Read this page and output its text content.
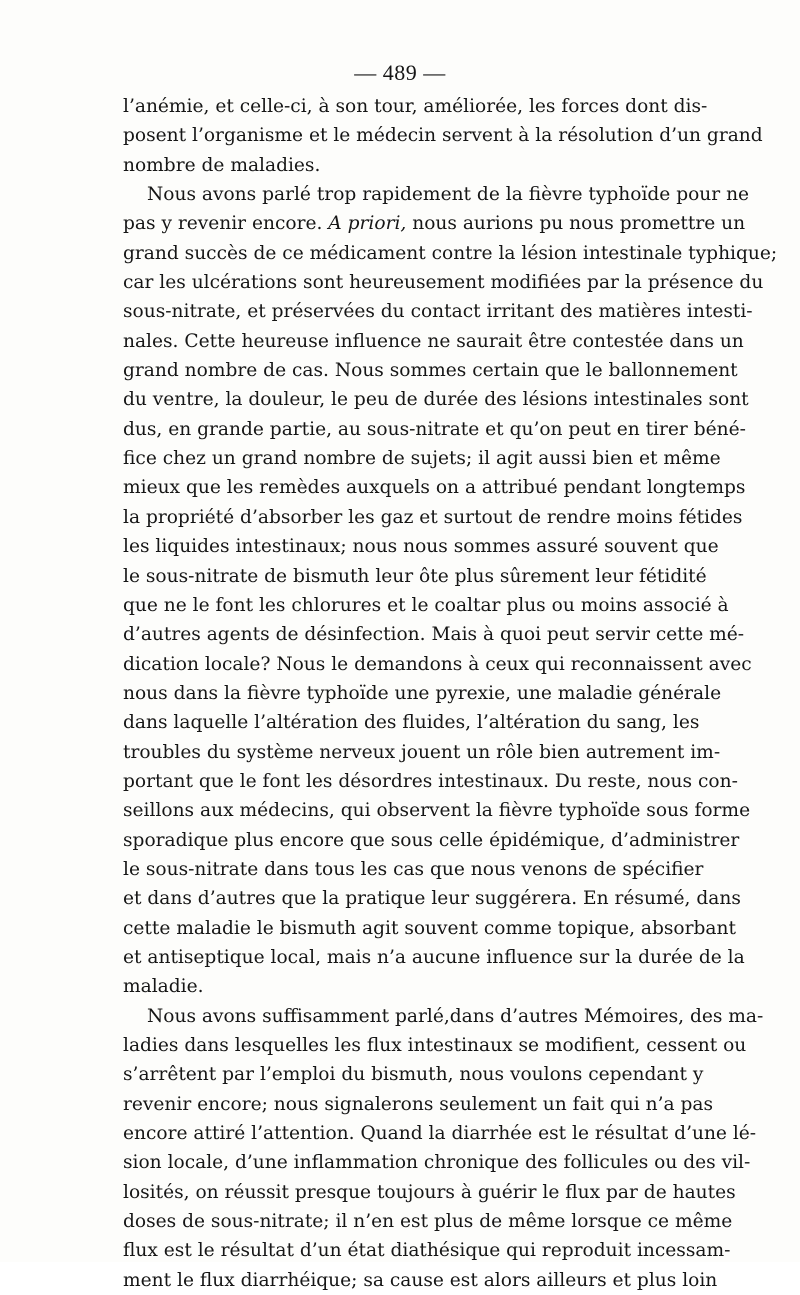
— 489 —
l’anémie, et celle-ci, à son tour, améliorée, les forces dont dis-
posent l’organisme et le médecin servent à la résolution d’un grand
nombre de maladies.
Nous avons parlé trop rapidement de la fièvre typhoïde pour ne
pas y revenir encore. A priori, nous aurions pu nous promettre un
grand succès de ce médicament contre la lésion intestinale typhique;
car les ulcérations sont heureusement modifiées par la présence du
sous-nitrate, et préservées du contact irritant des matières intesti-
nales. Cette heureuse influence ne saurait être contestée dans un
grand nombre de cas. Nous sommes certain que le ballonnement
du ventre, la douleur, le peu de durée des lésions intestinales sont
dus, en grande partie, au sous-nitrate et qu’on peut en tirer béné-
fice chez un grand nombre de sujets; il agit aussi bien et même
mieux que les remèdes auxquels on a attribué pendant longtemps
la propriété d’absorber les gaz et surtout de rendre moins fétides
les liquides intestinaux; nous nous sommes assuré souvent que
le sous-nitrate de bismuth leur ôte plus sûrement leur fétidité
que ne le font les chlorures et le coaltar plus ou moins associé à
d’autres agents de désinfection. Mais à quoi peut servir cette mé-
dication locale? Nous le demandons à ceux qui reconnaissent avec
nous dans la fièvre typhoïde une pyrexie, une maladie générale
dans laquelle l’altération des fluides, l’altération du sang, les
troubles du système nerveux jouent un rôle bien autrement im-
portant que le font les désordres intestinaux. Du reste, nous con-
seillons aux médecins, qui observent la fièvre typhoïde sous forme
sporadique plus encore que sous celle épidémique, d’administrer
le sous-nitrate dans tous les cas que nous venons de spécifier
et dans d’autres que la pratique leur suggérera. En résumé, dans
cette maladie le bismuth agit souvent comme topique, absorbant
et antiseptique local, mais n’a aucune influence sur la durée de la
maladie.
Nous avons suffisamment parlé,dans d’autres Mémoires, des ma-
ladies dans lesquelles les flux intestinaux se modifient, cessent ou
s’arrêtent par l’emploi du bismuth, nous voulons cependant y
revenir encore; nous signalerons seulement un fait qui n’a pas
encore attiré l’attention. Quand la diarrhée est le résultat d’une lé-
sion locale, d’une inflammation chronique des follicules ou des vil-
losités, on réussit presque toujours à guérir le flux par de hautes
doses de sous-nitrate; il n’en est plus de même lorsque ce même
flux est le résultat d’un état diathésique qui reproduit incessam-
ment le flux diarrhéique; sa cause est alors ailleurs et plus loin
